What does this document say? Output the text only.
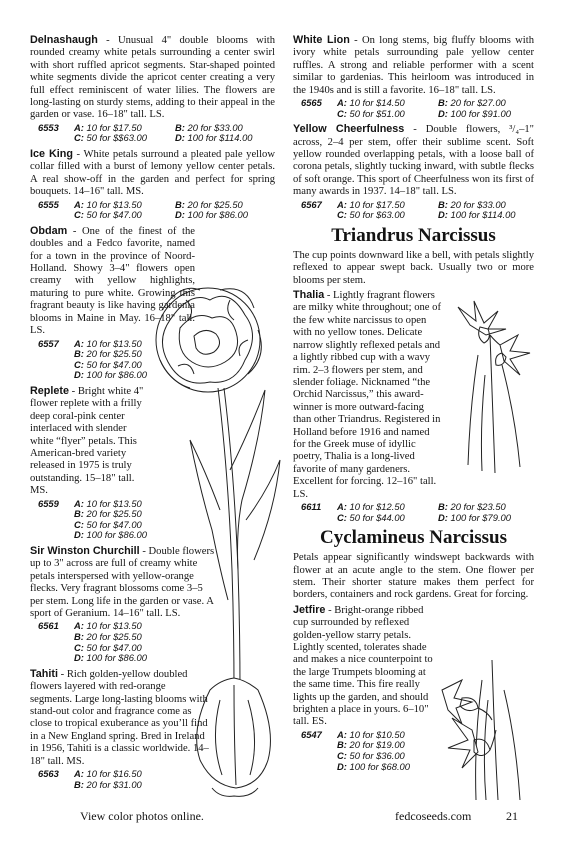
Delnashaugh - Unusual 4" double blooms with rounded creamy white petals surrounding a center swirl with short ruffled apricot segments. Star-shaped pointed white segments divide the apricot center creating a very full effect reminiscent of water lilies. The flowers are long-lasting on sturdy stems, adding to their appeal in the garden or vase. 16–18" tall. LS.

6553	A: 10 for $17.50	B: 20 for $33.00
C: 50 for $$63.00	D: 100 for $114.00

Ice King - White petals surround a pleated pale yellow collar filled with a burst of lemony yellow center petals. A real show-off in the garden and perfect for spring bouquets. 14–16" tall. MS.

6555	A: 10 for $13.50	B: 20 for $25.50
C: 50 for $47.00	D: 100 for $86.00

Obdam - One of the finest of the doubles and a Fedco favorite, named for a town in the province of Noord-Holland. Showy 3–4" flowers open creamy with yellow highlights, maturing to pure white. Growing this fragrant beauty is like having gardenia blooms in Maine in May. 16–18" tall. LS.

6557	A: 10 for $13.50
B: 20 for $25.50
C: 50 for $47.00
D: 100 for $86.00

Replete - Bright white 4" flower replete with a frilly deep coral-pink center interlaced with slender white “flyer” petals. This American-bred variety released in 1975 is truly outstanding. 15–18" tall. MS.

6559	A: 10 for $13.50
B: 20 for $25.50
C: 50 for $47.00
D: 100 for $86.00

Sir Winston Churchill - Double flowers up to 3" across are full of creamy white petals interspersed with yellow-orange flecks. Very fragrant blossoms come 3–5 per stem. Long life in the garden or vase. A sport of Geranium. 14–16" tall. LS.

6561	A: 10 for $13.50
B: 20 for $25.50
C: 50 for $47.00
D: 100 for $86.00

Tahiti - Rich golden-yellow doubled flowers layered with red-orange segments. Large long-lasting blooms with stand-out color and fragrance come as close to tropical exuberance as you’ll find in a New England spring. Bred in Ireland in 1956, Tahiti is a classic worldwide. 14–18" tall. MS.

6563	A: 10 for $16.50
B: 20 for $31.00

White Lion - On long stems, big fluffy blooms with ivory white petals surrounding pale yellow center ruffles. A strong and reliable performer with a scent similar to gardenias. This heirloom was introduced in the 1940s and is still a favorite. 16–18" tall. LS.

6565	A: 10 for $14.50	B: 20 for $27.00
C: 50 for $51.00	D: 100 for $91.00

Yellow Cheerfulness - Double flowers, ³/₄–1" across, 2–4 per stem, offer their sublime scent. Soft yellow rounded overlapping petals, with a loose ball of corona petals, slightly tucking inward, with subtle flecks of soft orange. This sport of Cheerfulness won its first of many awards in 1937. 14–18" tall. LS.

6567	A: 10 for $17.50	B: 20 for $33.00
C: 50 for $63.00	D: 100 for $114.00
Triandrus Narcissus

The cup points downward like a bell, with petals slightly reflexed to appear swept back. Usually two or more blooms per stem.

Thalia - Lightly fragrant flowers are milky white throughout; one of the few white narcissus to open with no yellow tones. Delicate narrow slightly reflexed petals and a lightly ribbed cup with a wavy rim. 2–3 flowers per stem, and slender foliage. Nicknamed “the Orchid Narcissus,” this award-winner is more outward-facing than other Triandrus. Registered in Holland before 1916 and named for the Greek muse of idyllic poetry, Thalia is a long-lived favorite of many gardeners. Excellent for forcing. 12–16" tall. LS.

6611	A: 10 for $12.50	B: 20 for $23.50
C: 50 for $44.00	D: 100 for $79.00
Cyclamineus Narcissus

Petals appear significantly windswept backwards with flower at an acute angle to the stem. One flower per stem. Their shorter stature makes them perfect for borders, containers and rock gardens. Great for forcing.

Jetfire - Bright-orange ribbed cup surrounded by reflexed golden-yellow starry petals. Lightly scented, tolerates shade and makes a nice counterpoint to the large Trumpets blooming at the same time. This fire really lights up the garden, and should brighten a place in yours. 6–10" tall. ES.

6547	A: 10 for $10.50
B: 20 for $19.00
C: 50 for $36.00
D: 100 for $68.00
View color photos online.	fedcoseeds.com	21
